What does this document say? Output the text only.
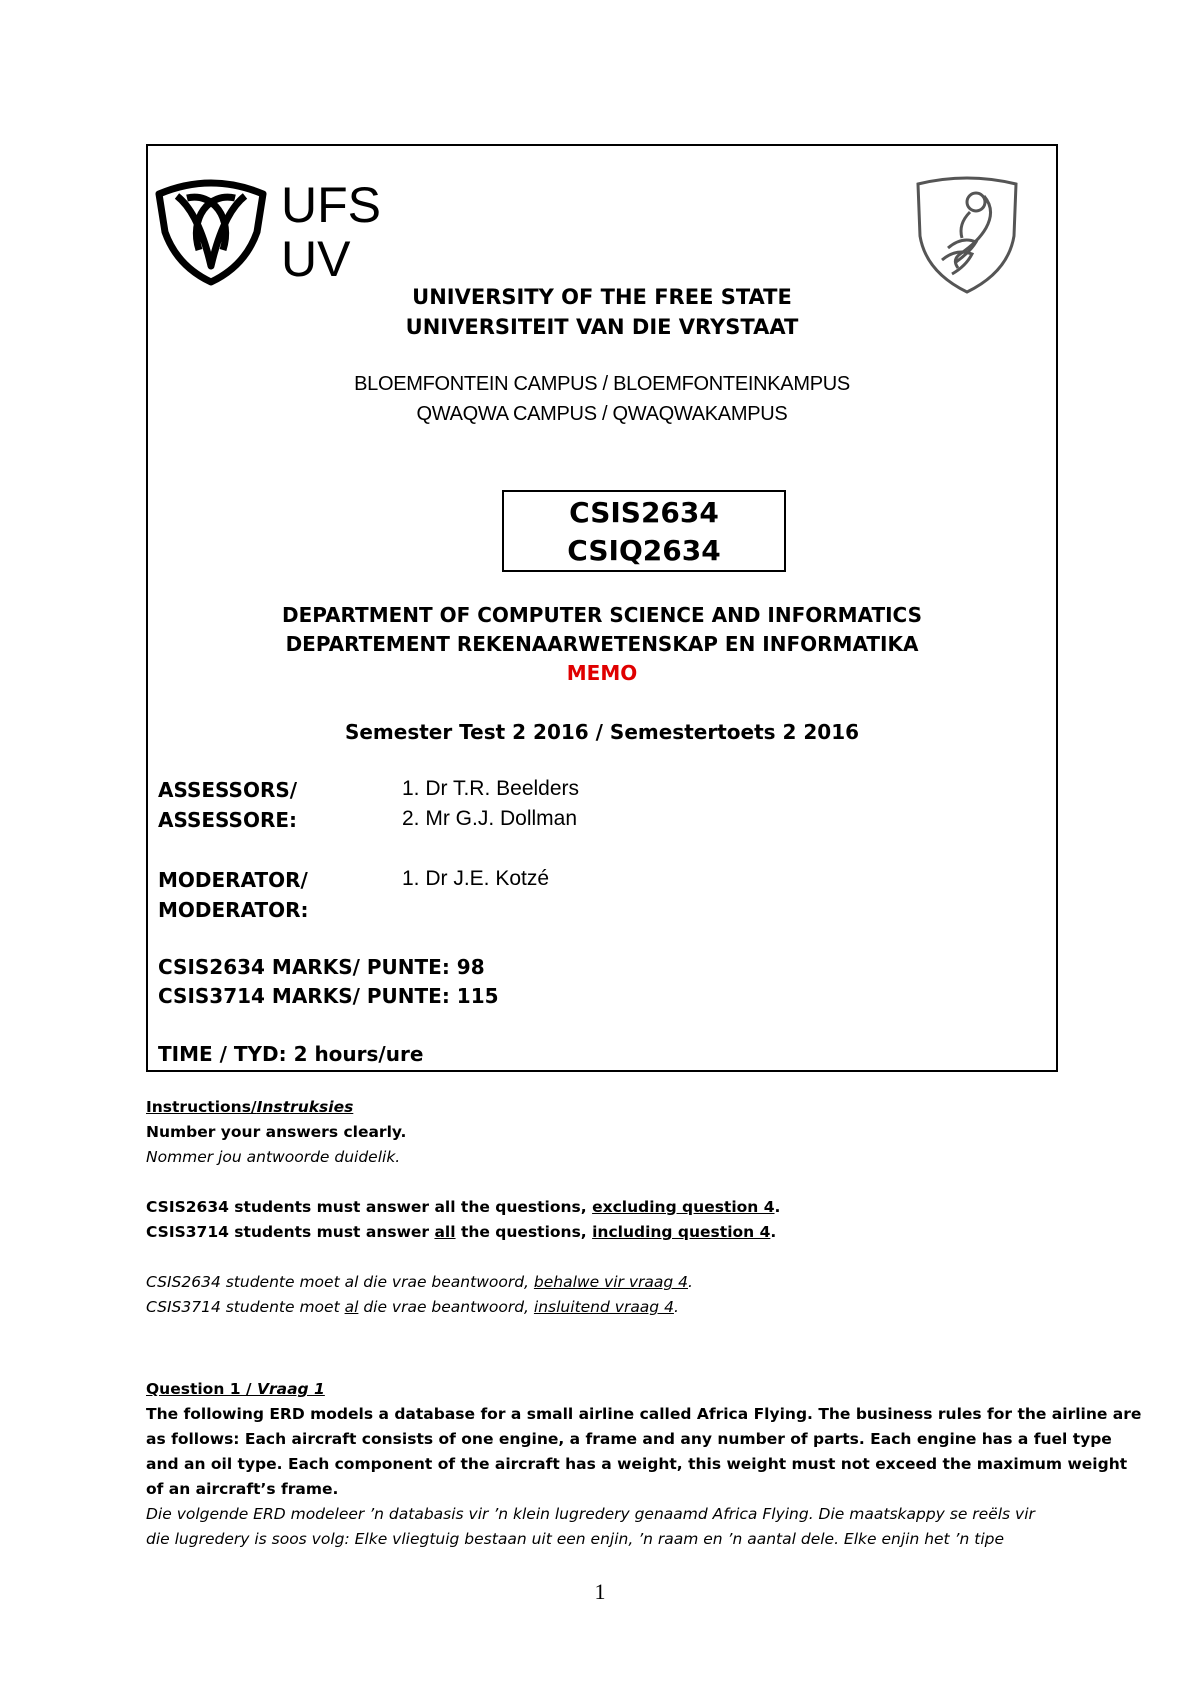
UFS
UV
UNIVERSITY OF THE FREE STATE
UNIVERSITEIT VAN DIE VRYSTAAT
BLOEMFONTEIN CAMPUS / BLOEMFONTEINKAMPUS
QWAQWA CAMPUS / QWAQWAKAMPUS
CSIS2634
CSIQ2634
DEPARTMENT OF COMPUTER SCIENCE AND INFORMATICS
DEPARTEMENT REKENAARWETENSKAP EN INFORMATIKA
MEMO
Semester Test 2 2016 / Semestertoets 2 2016
ASSESSORS/
ASSESSORE:
1. Dr T.R. Beelders
2. Mr G.J. Dollman
MODERATOR/
MODERATOR:
1. Dr J.E. Kotzé
CSIS2634 MARKS/ PUNTE: 98
CSIS3714 MARKS/ PUNTE: 115
TIME / TYD: 2 hours/ure
Instructions/Instruksies
Number your answers clearly.
Nommer jou antwoorde duidelik.
CSIS2634 students must answer all the questions, excluding question 4.
CSIS3714 students must answer all the questions, including question 4.
CSIS2634 studente moet al die vrae beantwoord, behalwe vir vraag 4.
CSIS3714 studente moet al die vrae beantwoord, insluitend vraag 4.
Question 1 / Vraag 1
The following ERD models a database for a small airline called Africa Flying. The business rules for the airline are
as follows: Each aircraft consists of one engine, a frame and any number of parts. Each engine has a fuel type
and an oil type. Each component of the aircraft has a weight, this weight must not exceed the maximum weight
of an aircraft’s frame.
Die volgende ERD modeleer ’n databasis vir ’n klein lugredery genaamd Africa Flying. Die maatskappy se reëls vir
die lugredery is soos volg: Elke vliegtuig bestaan uit een enjin, ’n raam en ’n aantal dele. Elke enjin het ’n tipe
1
